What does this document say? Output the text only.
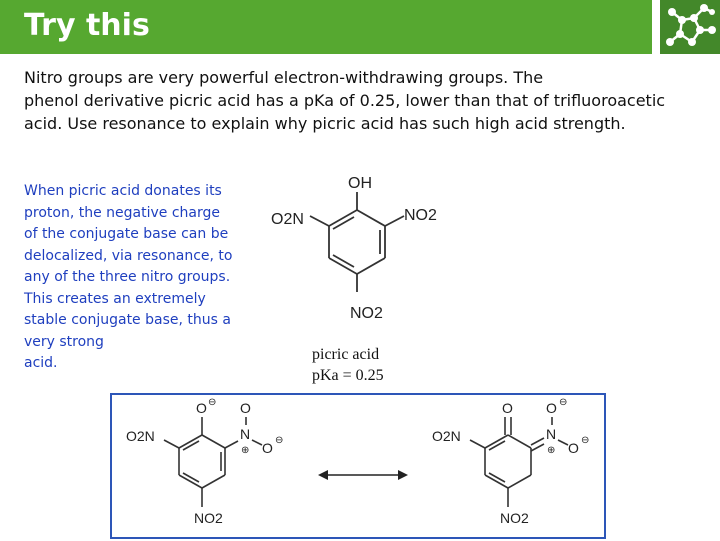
Try this

Nitro groups are very powerful electron-withdrawing groups. The
phenol derivative picric acid has a pKa of 0.25, lower than that of trifluoroacetic
acid. Use resonance to explain why picric acid has such high acid strength.

When picric acid donates its
proton, the negative charge
of the conjugate base can be
delocalized, via resonance, to
any of the three nitro groups.
This creates an extremely
stable conjugate base, thus a
very strong
acid.

OH
O2N	NO2
NO2
picric acid
pKa = 0.25
O ⊖
O2N	N
⊕
O
O ⊖
NO2
O
O2N	N
⊕
O ⊖
O ⊖
NO2
